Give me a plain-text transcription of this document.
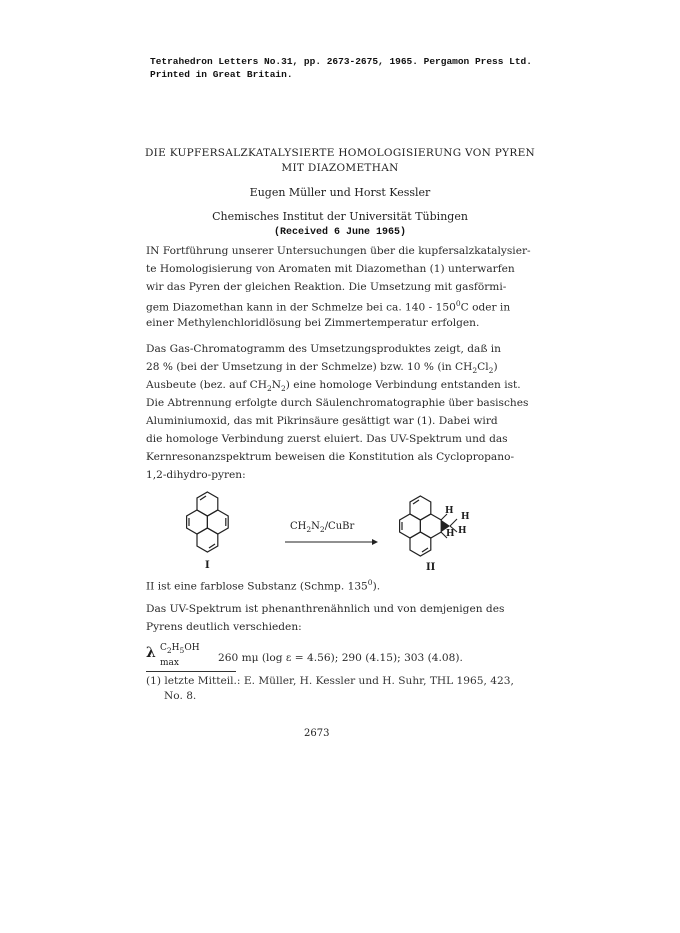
Tetrahedron Letters No.31, pp. 2673-2675, 1965. Pergamon Press Ltd.
Printed in Great Britain.
DIE KUPFERSALZKATALYSIERTE HOMOLOGISIERUNG VON PYREN
MIT DIAZOMETHAN
Eugen Müller und Horst Kessler
Chemisches Institut der Universität Tübingen
(Received 6 June 1965)
IN Fortführung unserer Untersuchungen über die kupfersalzkatalysier-
te Homologisierung von Aromaten mit Diazomethan (1) unterwarfen
wir das Pyren der gleichen Reaktion. Die Umsetzung mit gasförmi-
gem Diazomethan kann in der Schmelze bei ca. $140 - 150^0C$ oder in
einer Methylenchloridlösung bei Zimmertemperatur erfolgen.
Das Gas-Chromatogramm des Umsetzungsproduktes zeigt, daß in
28 % (bei der Umsetzung in der Schmelze) bzw. 10 % (in $CH_2Cl_2$)
Ausbeute (bez. auf $CH_2N_2$) eine homologe Verbindung entstanden ist.
Die Abtrennung erfolgte durch Säulenchromatographie über basisches
Aluminiumoxid, das mit Pikrinsäure gesättigt war (1). Dabei wird
die homologe Verbindung zuerst eluiert. Das UV-Spektrum und das
Kernresonanzspektrum beweisen die Konstitution als Cyclopropano-
1,2-dihydro-pyren:
$CH_2N_2$/CuBr
H
H
H
H
I	II
II ist eine farblose Substanz (Schmp. $135^0$).
Das UV-Spektrum ist phenanthrenähnlich und von demjenigen des
Pyrens deutlich verschieden:
λ $C_2H_5OH$
max	260 mμ (log ε = 4.56); 290 (4.15); 303 (4.08).
(1) letzte Mitteil.: E. Müller, H. Kessler und H. Suhr, THL 1965, 423,
No. 8.
2673
